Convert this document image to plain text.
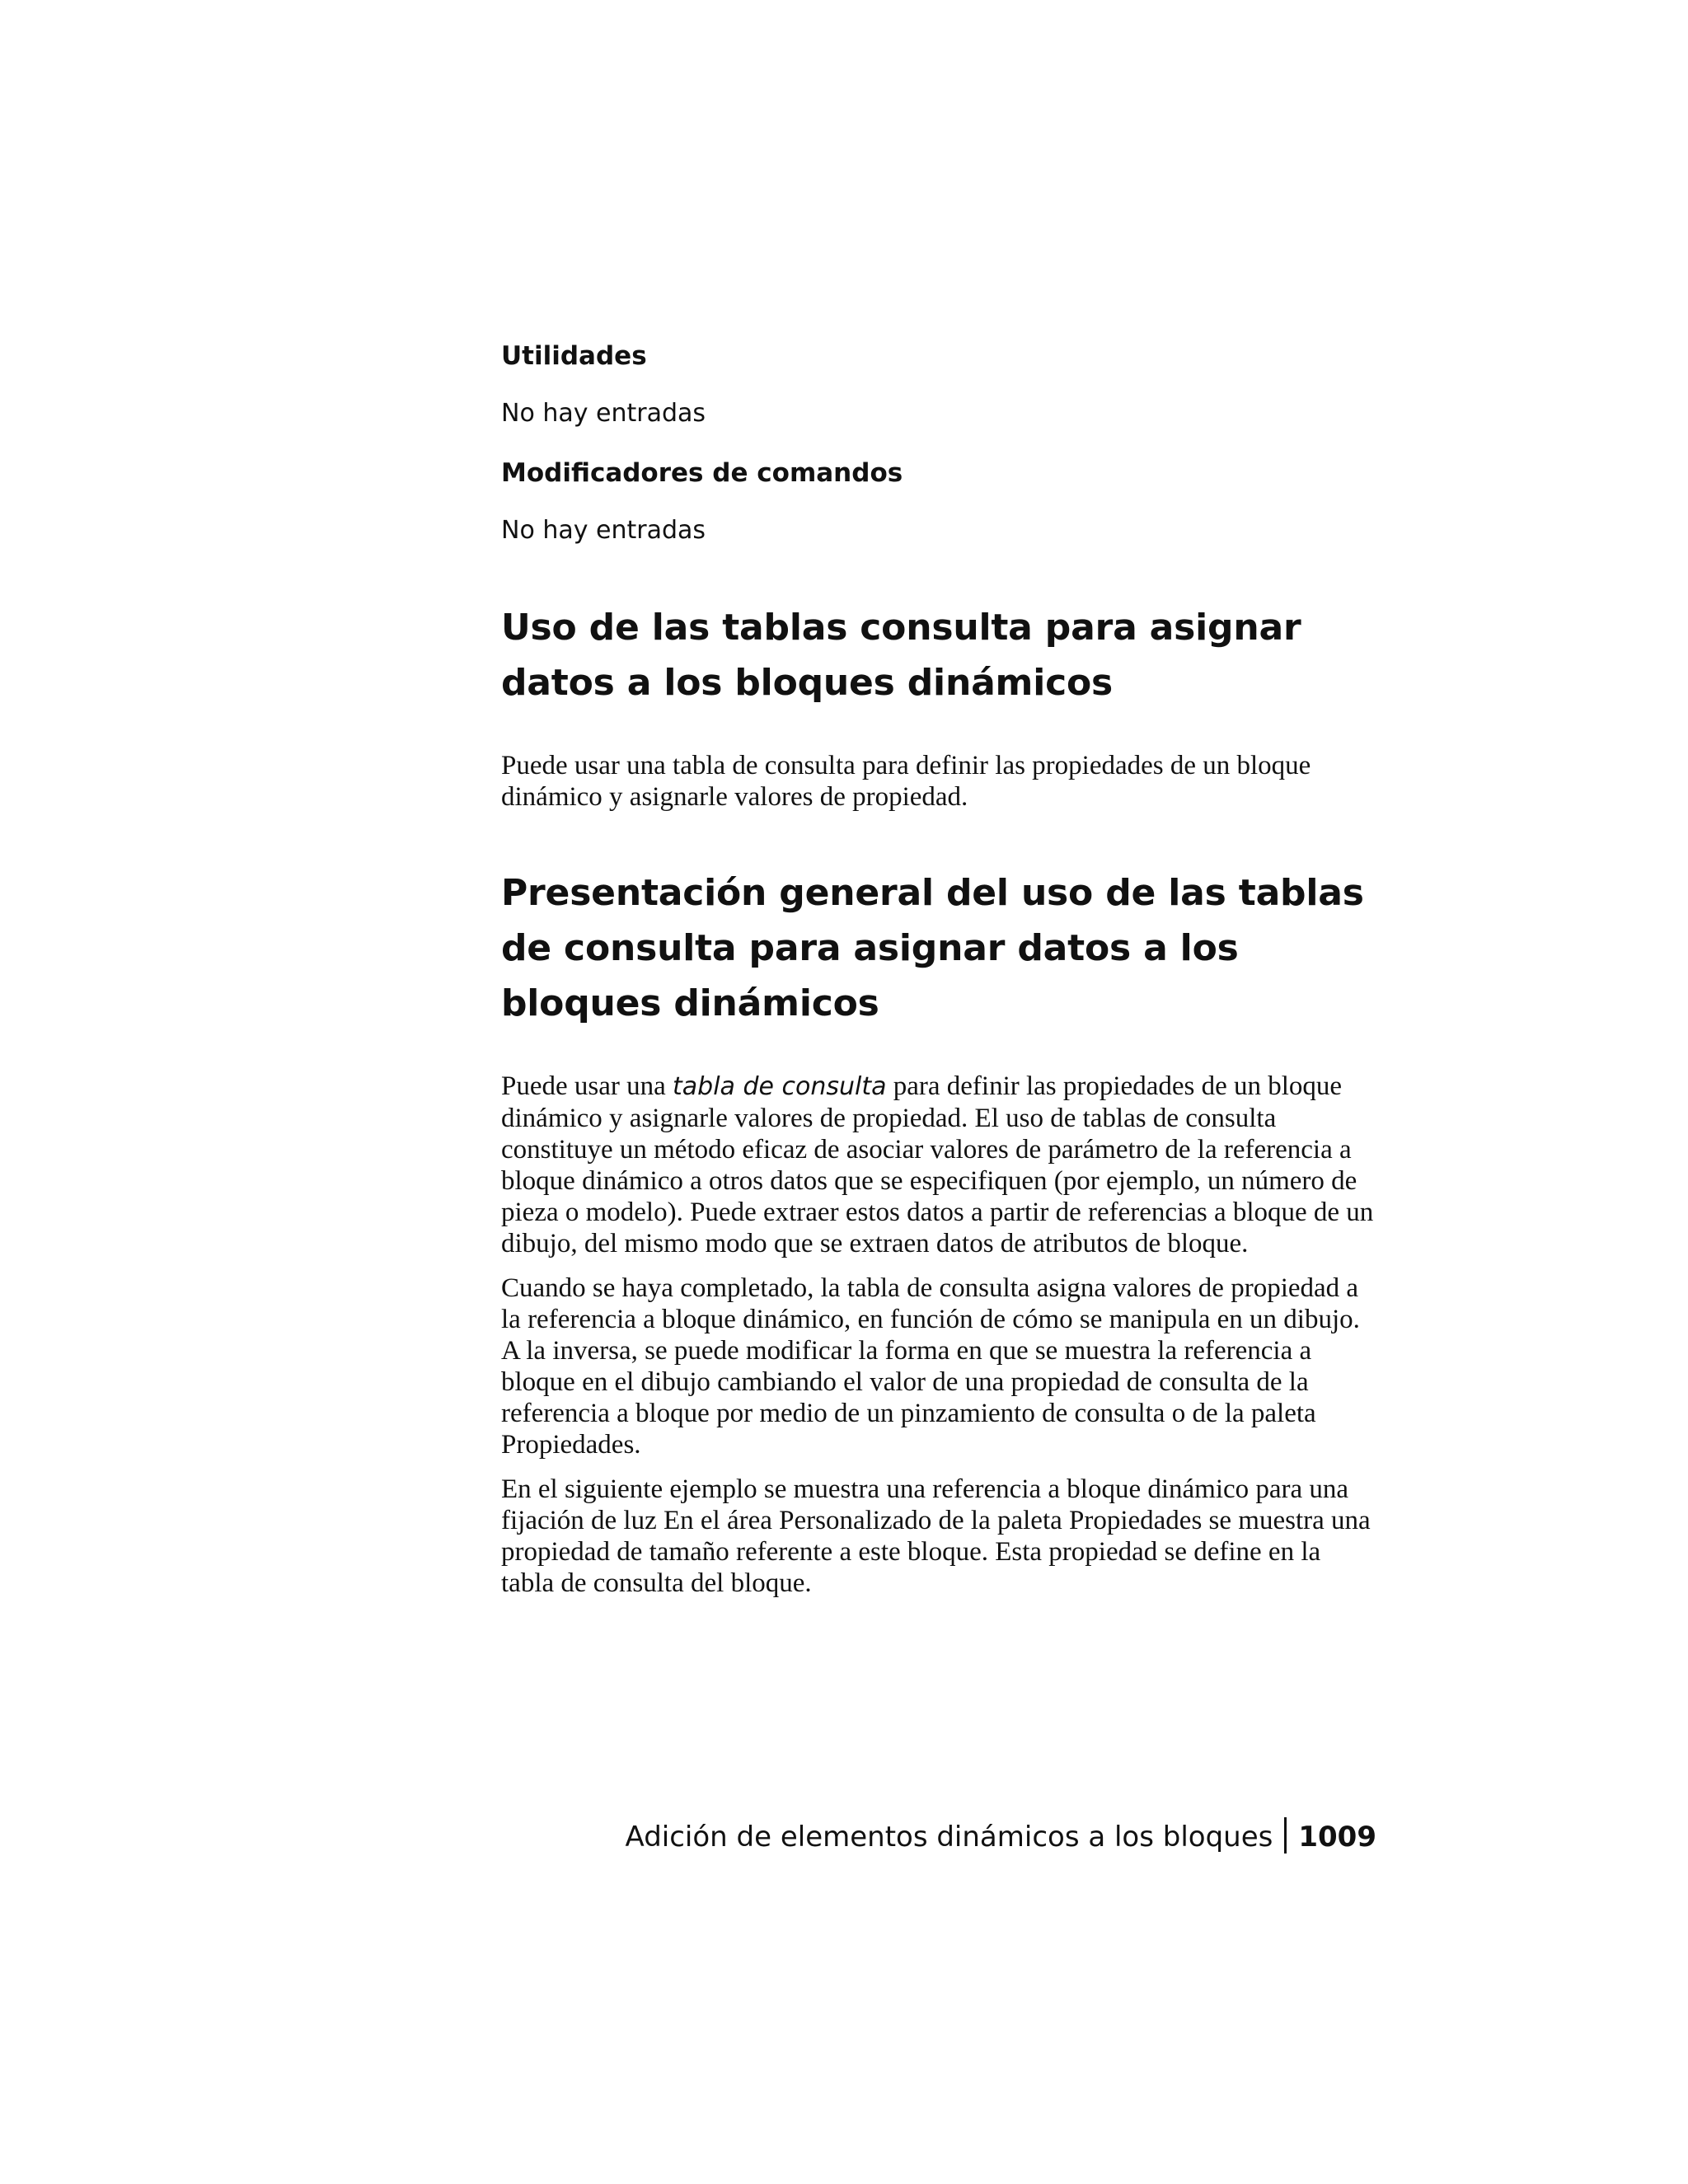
Utilidades

No hay entradas

Modificadores de comandos

No hay entradas

Uso de las tablas consulta para asignar datos a los bloques dinámicos

Puede usar una tabla de consulta para definir las propiedades de un bloque dinámico y asignarle valores de propiedad.

Presentación general del uso de las tablas de consulta para asignar datos a los bloques dinámicos

Puede usar una tabla de consulta para definir las propiedades de un bloque dinámico y asignarle valores de propiedad. El uso de tablas de consulta constituye un método eficaz de asociar valores de parámetro de la referencia a bloque dinámico a otros datos que se especifiquen (por ejemplo, un número de pieza o modelo). Puede extraer estos datos a partir de referencias a bloque de un dibujo, del mismo modo que se extraen datos de atributos de bloque.

Cuando se haya completado, la tabla de consulta asigna valores de propiedad a la referencia a bloque dinámico, en función de cómo se manipula en un dibujo. A la inversa, se puede modificar la forma en que se muestra la referencia a bloque en el dibujo cambiando el valor de una propiedad de consulta de la referencia a bloque por medio de un pinzamiento de consulta o de la paleta Propiedades.

En el siguiente ejemplo se muestra una referencia a bloque dinámico para una fijación de luz En el área Personalizado de la paleta Propiedades se muestra una propiedad de tamaño referente a este bloque. Esta propiedad se define en la tabla de consulta del bloque.

Adición de elementos dinámicos a los bloques 1009
